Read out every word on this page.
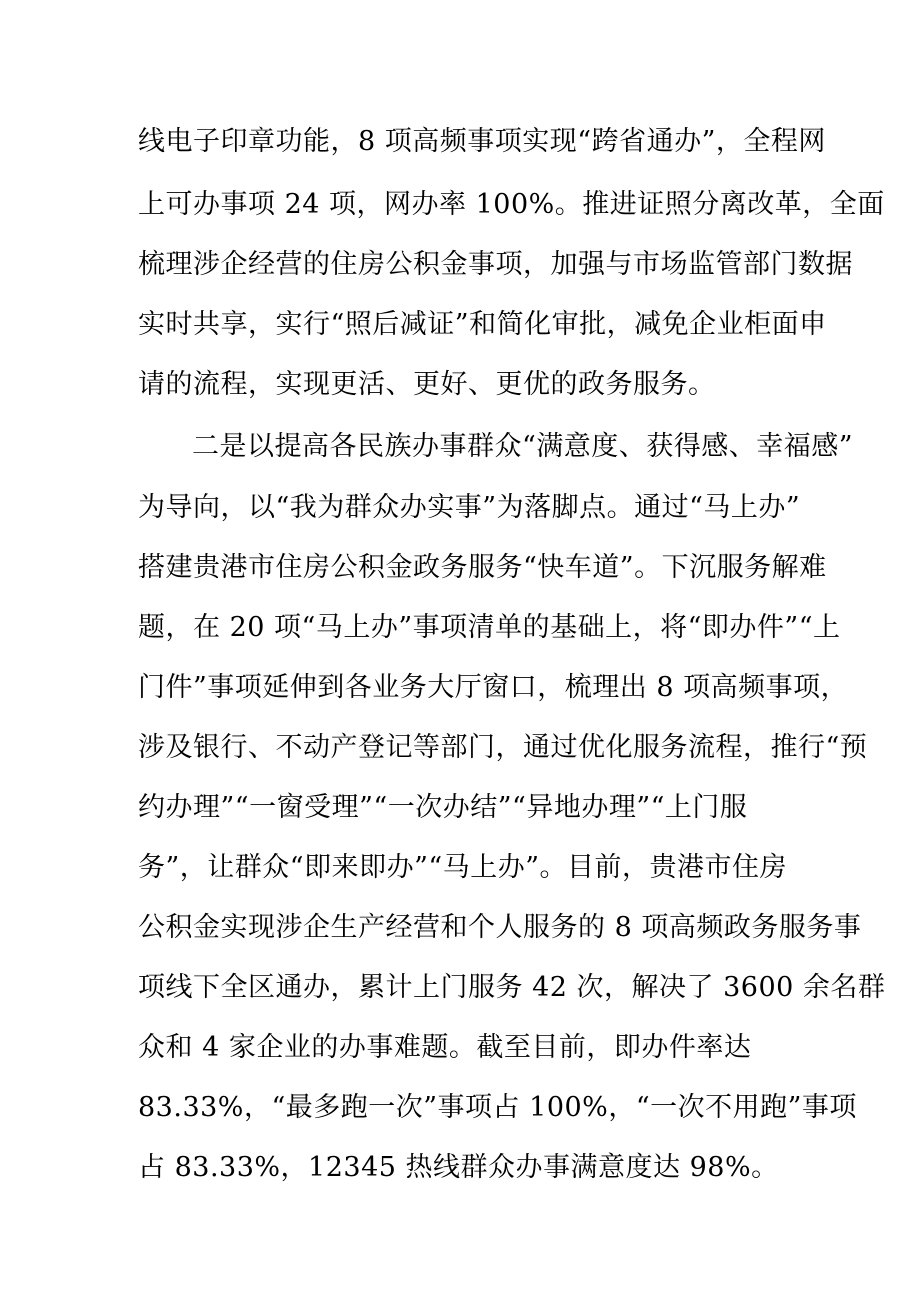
线电子印章功能，8 项高频事项实现“跨省通办”，全程网
上可办事项 24 项，网办率 100%。推进证照分离改革，全面
梳理涉企经营的住房公积金事项，加强与市场监管部门数据
实时共享，实行“照后减证”和简化审批，减免企业柜面申
请的流程，实现更活、更好、更优的政务服务。
二是以提高各民族办事群众“满意度、获得感、幸福感”
为导向，以“我为群众办实事”为落脚点。通过“马上办”
搭建贵港市住房公积金政务服务“快车道”。下沉服务解难
题，在 20 项“马上办”事项清单的基础上，将“即办件”“上
门件”事项延伸到各业务大厅窗口，梳理出 8 项高频事项，
涉及银行、不动产登记等部门，通过优化服务流程，推行“预
约办理”“一窗受理”“一次办结”“异地办理”“上门服
务”，让群众“即来即办”“马上办”。目前，贵港市住房
公积金实现涉企生产经营和个人服务的 8 项高频政务服务事
项线下全区通办，累计上门服务 42 次，解决了 3600 余名群
众和 4 家企业的办事难题。截至目前，即办件率达
83.33%，“最多跑一次”事项占 100%，“一次不用跑”事项
占 83.33%，12345 热线群众办事满意度达 98%。
